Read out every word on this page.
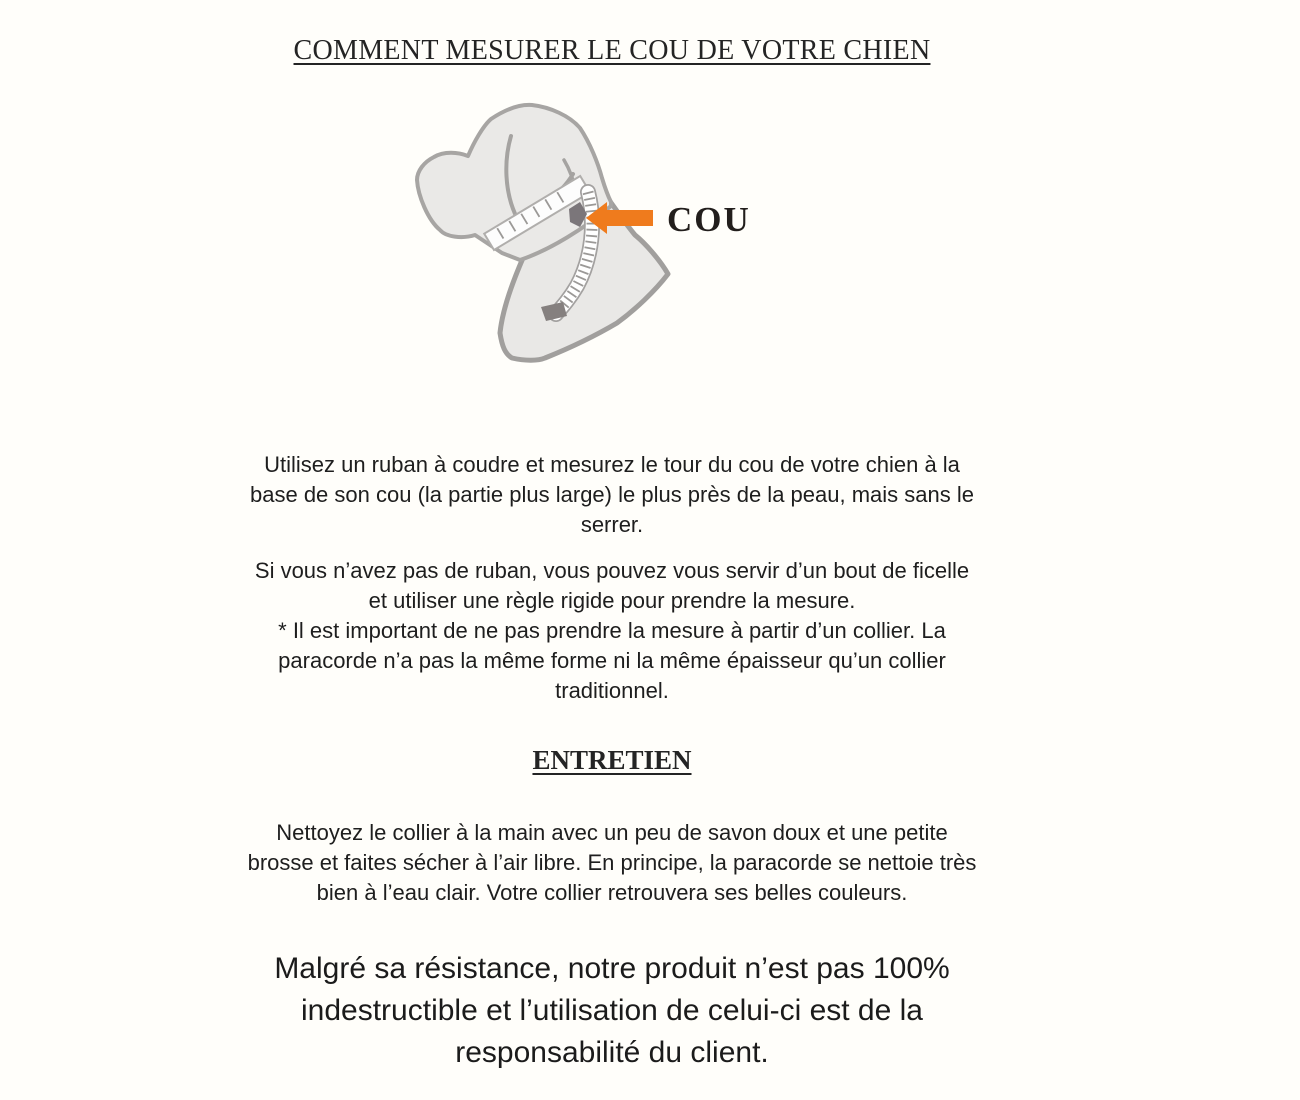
COMMENT MESURER LE COU DE VOTRE CHIEN
COU
Utilisez un ruban à coudre et mesurez le tour du cou de votre chien à la
base de son cou (la partie plus large) le plus près de la peau, mais sans le
serrer.
Si vous n’avez pas de ruban, vous pouvez vous servir d’un bout de ficelle
et utiliser une règle rigide pour prendre la mesure.
* Il est important de ne pas prendre la mesure à partir d’un collier. La
paracorde n’a pas la même forme ni la même épaisseur qu’un collier
traditionnel.
ENTRETIEN
Nettoyez le collier à la main avec un peu de savon doux et une petite
brosse et faites sécher à l’air libre. En principe, la paracorde se nettoie très
bien à l’eau clair. Votre collier retrouvera ses belles couleurs.
Malgré sa résistance, notre produit n’est pas 100%
indestructible et l’utilisation de celui-ci est de la
responsabilité du client.
